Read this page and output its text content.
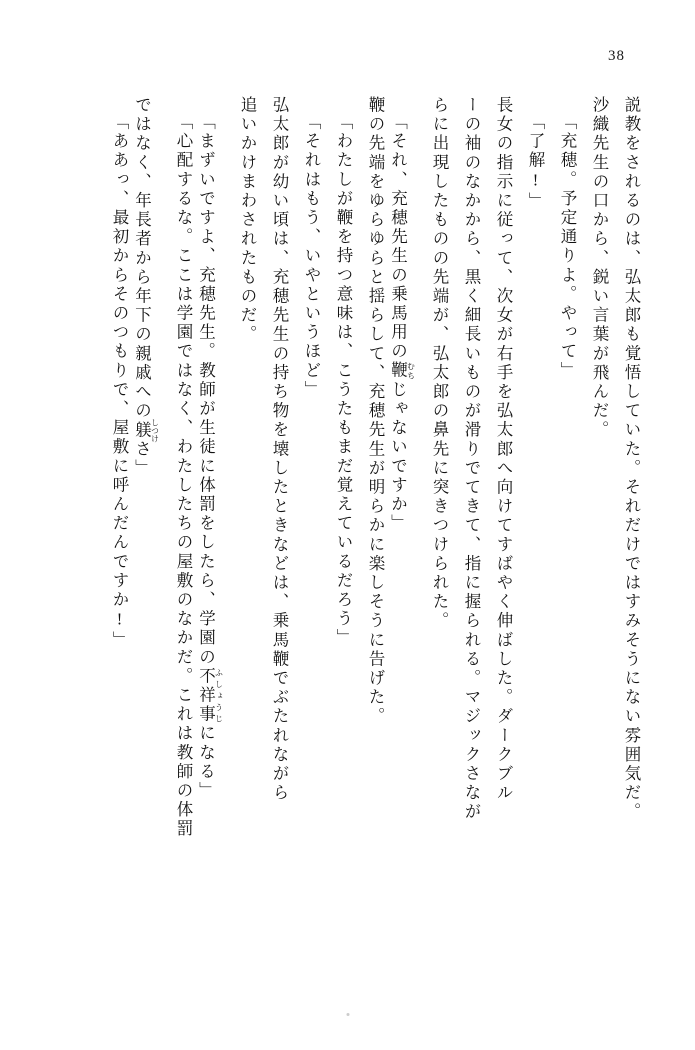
38
説教をされるのは、弘太郎も覚悟していた。それだけではすみそうにない雰囲気だ。
沙織先生の口から、鋭い言葉が飛んだ。
「充穂。予定通りよ。やって」
「了解!」
長女の指示に従って、次女が右手を弘太郎へ向けてすばやく伸ばした。ダークブル
ーの袖のなかから、黒く細長いものが滑りでてきて、指に握られる。マジックさなが
らに出現したものの先端が、弘太郎の鼻先に突きつけられた。
「それ、充穂先生の乗馬用の鞭 むちじゃないですか」
鞭の先端をゆらゆらと揺らして、充穂先生が明らかに楽しそうに告げた。
「わたしが鞭を持つ意味は、こうたもまだ覚えているだろう」
「それはもう、いやというほど」
弘太郎が幼い頃は、充穂先生の持ち物を壊したときなどは、乗馬鞭でぶたれながら
追いかけまわされたものだ。
「まずいですよ、充穂先生。教師が生徒に体罰をしたら、学園の不祥事 ふしょうじになる」
「心配するな。ここは学園ではなく、わたしたちの屋敷のなかだ。これは教師の体罰
ではなく、年長者から年下の親戚への躾 しつけさ」
「ああっ、最初からそのつもりで、屋敷に呼んだんですか!」
